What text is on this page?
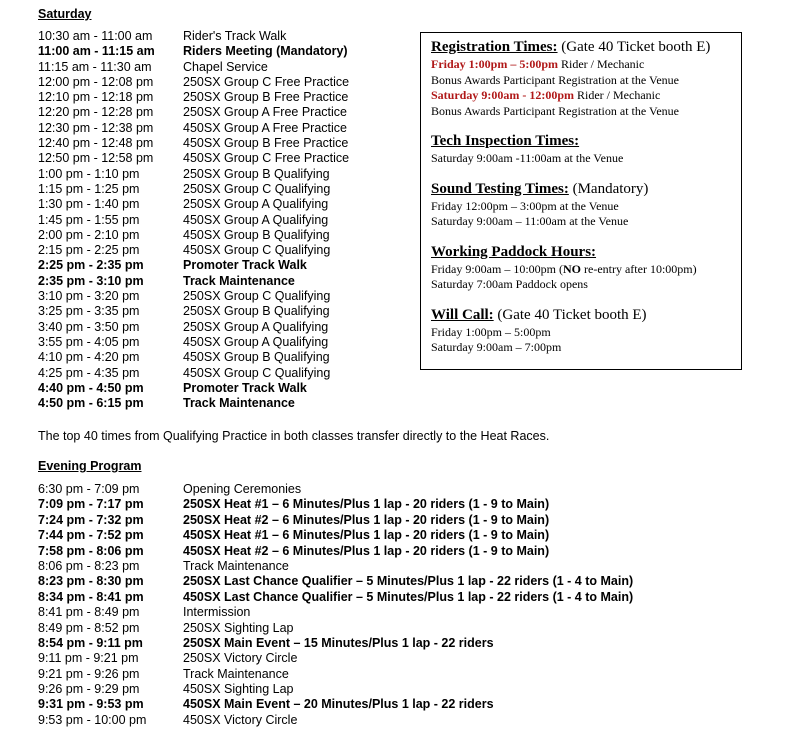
Saturday
10:30 am - 11:00 am Rider's Track Walk
11:00 am - 11:15 am Riders Meeting (Mandatory)
11:15 am - 11:30 am	Chapel Service
12:00 pm - 12:08 pm 250SX Group C Free Practice
12:10 pm - 12:18 pm 250SX Group B Free Practice
12:20 pm - 12:28 pm 250SX Group A Free Practice
12:30 pm - 12:38 pm 450SX Group A Free Practice
12:40 pm - 12:48 pm 450SX Group B Free Practice
12:50 pm - 12:58 pm 450SX Group C Free Practice
1:00 pm - 1:10 pm	250SX Group B Qualifying
1:15 pm - 1:25 pm	250SX Group C Qualifying
1:30 pm - 1:40 pm	250SX Group A Qualifying
1:45 pm - 1:55 pm	450SX Group A Qualifying
2:00 pm - 2:10 pm	450SX Group B Qualifying
2:15 pm - 2:25 pm	450SX Group C Qualifying
2:25 pm - 2:35 pm	Promoter Track Walk
2:35 pm - 3:10 pm	Track Maintenance
3:10 pm - 3:20 pm	250SX Group C Qualifying
3:25 pm - 3:35 pm	250SX Group B Qualifying
3:40 pm - 3:50 pm	250SX Group A Qualifying
3:55 pm - 4:05 pm	450SX Group A Qualifying
4:10 pm - 4:20 pm	450SX Group B Qualifying
4:25 pm - 4:35 pm	450SX Group C Qualifying
4:40 pm - 4:50 pm	Promoter Track Walk
4:50 pm - 6:15 pm	Track Maintenance
The top 40 times from Qualifying Practice in both classes transfer directly to the Heat Races.
Evening Program
6:30 pm - 7:09 pm	Opening Ceremonies
7:09 pm - 7:17 pm	250SX Heat #1 – 6 Minutes/Plus 1 lap - 20 riders (1 - 9 to Main)
7:24 pm - 7:32 pm	250SX Heat #2 – 6 Minutes/Plus 1 lap - 20 riders (1 - 9 to Main)
7:44 pm - 7:52 pm	450SX Heat #1 – 6 Minutes/Plus 1 lap - 20 riders (1 - 9 to Main)
7:58 pm - 8:06 pm	450SX Heat #2 – 6 Minutes/Plus 1 lap - 20 riders (1 - 9 to Main)
8:06 pm - 8:23 pm	Track Maintenance
8:23 pm - 8:30 pm	250SX Last Chance Qualifier – 5 Minutes/Plus 1 lap - 22 riders (1 - 4 to Main)
8:34 pm - 8:41 pm	450SX Last Chance Qualifier – 5 Minutes/Plus 1 lap - 22 riders (1 - 4 to Main)
8:41 pm - 8:49 pm	Intermission
8:49 pm - 8:52 pm	250SX Sighting Lap
8:54 pm - 9:11 pm	250SX Main Event – 15 Minutes/Plus 1 lap - 22 riders
9:11 pm - 9:21 pm	250SX Victory Circle
9:21 pm - 9:26 pm	Track Maintenance
9:26 pm - 9:29 pm	450SX Sighting Lap
9:31 pm - 9:53 pm	450SX Main Event – 20 Minutes/Plus 1 lap - 22 riders
9:53 pm - 10:00 pm	450SX Victory Circle
Registration Times: (Gate 40 Ticket booth E)
Friday 1:00pm – 5:00pm Rider / Mechanic
Bonus Awards Participant Registration at the Venue
Saturday 9:00am - 12:00pm Rider / Mechanic
Bonus Awards Participant Registration at the Venue
Tech Inspection Times:
Saturday 9:00am -11:00am at the Venue
Sound Testing Times: (Mandatory)
Friday 12:00pm – 3:00pm at the Venue
Saturday 9:00am – 11:00am at the Venue
Working Paddock Hours:
Friday 9:00am – 10:00pm (NO re-entry after 10:00pm)
Saturday 7:00am Paddock opens
Will Call: (Gate 40 Ticket booth E)
Friday 1:00pm – 5:00pm
Saturday 9:00am – 7:00pm
